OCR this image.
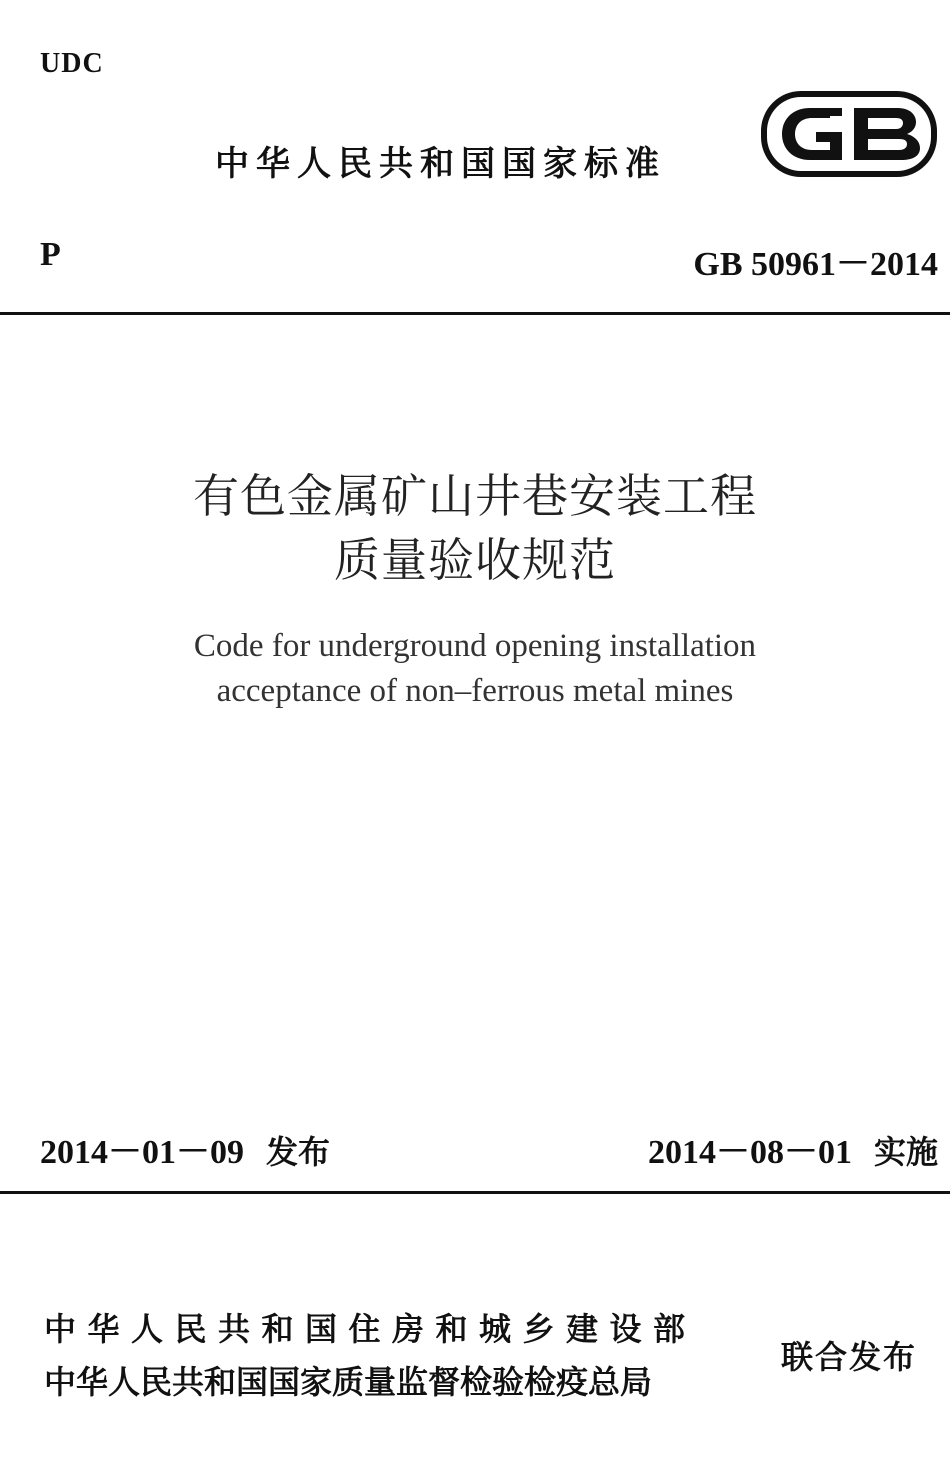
UDC
中华人民共和国国家标准
P	GB 50961－2014
有色金属矿山井巷安装工程
质量验收规范
Code for underground opening installation
acceptance of non–ferrous metal mines
2014－01－09 发布	2014－08－01 实施
中华人民共和国住房和城乡建设部
中华人民共和国国家质量监督检验检疫总局
联合发布
